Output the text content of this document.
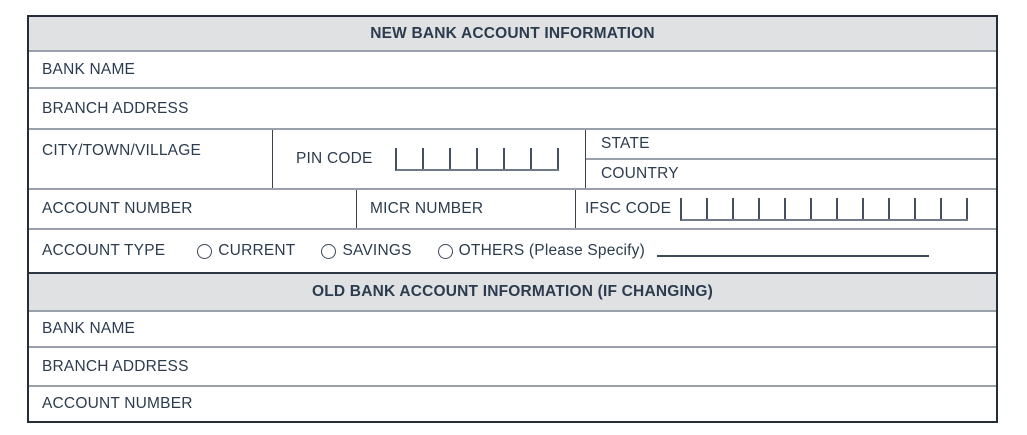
NEW BANK ACCOUNT INFORMATION
BANK NAME
BRANCH ADDRESS
CITY/TOWN/VILLAGE	PIN CODE
STATE
COUNTRY
ACCOUNT NUMBER	MICR NUMBER	IFSC CODE
ACCOUNT TYPE	CURRENT	SAVINGS	OTHERS (Please Specify)
OLD BANK ACCOUNT INFORMATION (IF CHANGING)
BANK NAME
BRANCH ADDRESS
ACCOUNT NUMBER
